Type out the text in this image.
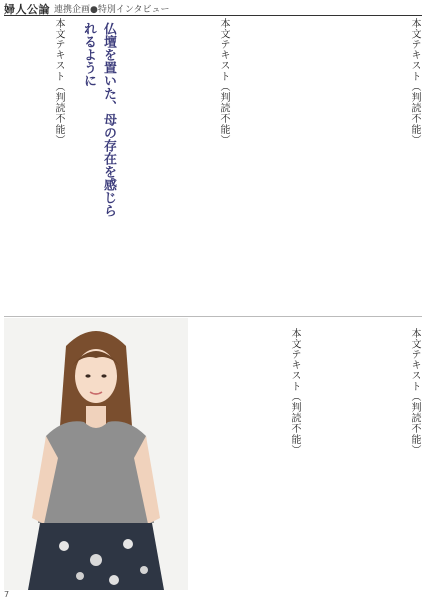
婦人公論 連携企画●特別インタビュー
本文テキスト（判読不能）
本文テキスト（判読不能）
仏壇を置いた、母の存在を感じられるように
本文テキスト（判読不能）
本文テキスト（判読不能）
本文テキスト（判読不能）
7
